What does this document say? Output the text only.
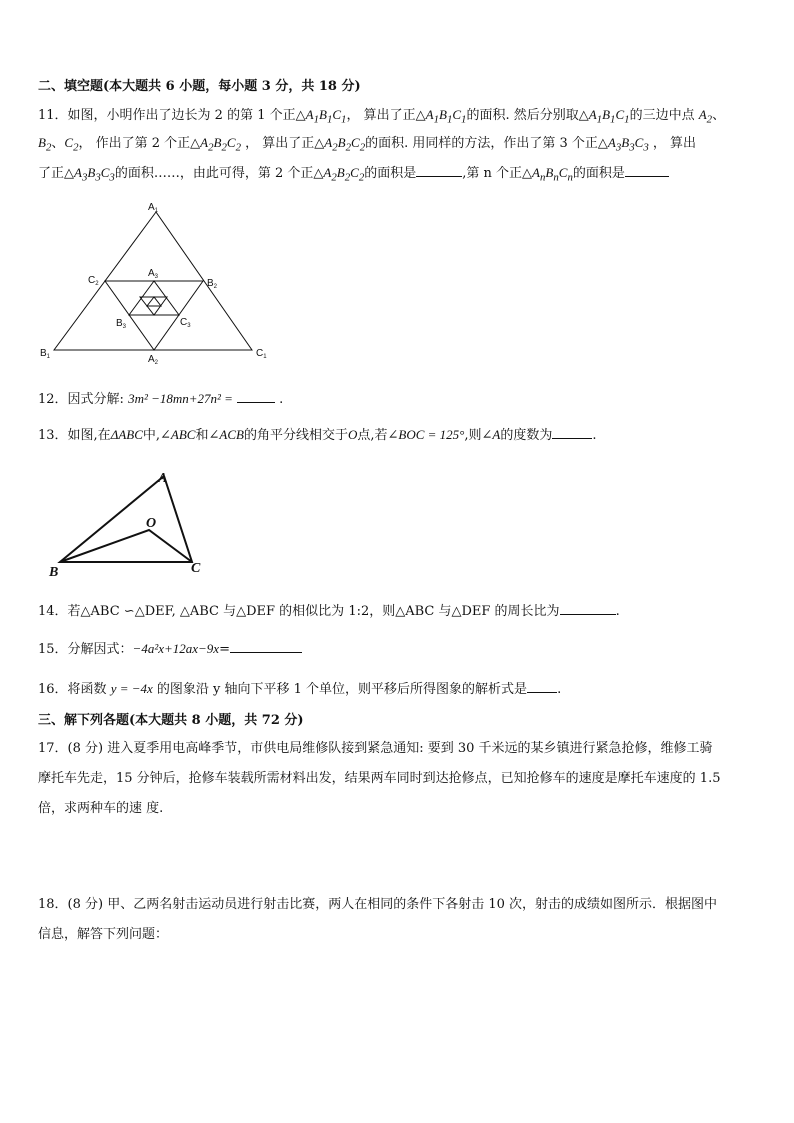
二、填空题(本大题共 6 小题，每小题 3 分，共 18 分)
11．如图，小明作出了边长为 2 的第 1 个正$\triangle A_1B_1C_1$， 算出了正$\triangle A_1B_1C_1$的面积. 然后分别取$\triangle A_1B_1C_1$的三边中点 $A_2$、
$B_2$、$C_2$， 作出了第 2 个正$\triangle A_2B_2C_2$ ， 算出了正$\triangle A_2B_2C_2$的面积. 用同样的方法，作出了第 3 个正$\triangle A_3B_3C_3$ ， 算出
了正$\triangle A_3B_3C_3$的面积……，由此可得，第 2 个正$\triangle A_2B_2C_2$的面积是	,第 n 个正$\triangle A_nB_nC_n$的面积是
$A_1$
$A_2$
$A_3$
$B_1$
$B_2$
$B_3$
$C_1$
$C_2$
$C_3$
12．因式分解: 3m² −18mn+27n² =	.
13．如图,在ΔABC中,∠ABC和∠ACB的角平分线相交于O点,若∠BOC = 125°,则∠A的度数为	.
A
B	C
O
14．若△ABC ∽△DEF, △ABC 与△DEF 的相似比为 1:2，则△ABC 与△DEF 的周长比为	.
15．分解因式：−4a²x+12ax−9x=
16．将函数 y = −4x 的图象沿 y 轴向下平移 1 个单位，则平移后所得图象的解析式是 .
三、解下列各题(本大题共 8 小题，共 72 分)
17．(8 分) 进入夏季用电高峰季节，市供电局维修队接到紧急通知: 要到 30 千米远的某乡镇进行紧急抢修，维修工骑
摩托车先走，15 分钟后，抢修车装载所需材料出发，结果两车同时到达抢修点，已知抢修车的速度是摩托车速度的 1.5
倍，求两种车的速 度.
18．(8 分) 甲、乙两名射击运动员进行射击比赛，两人在相同的条件下各射击 10 次，射击的成绩如图所示．根据图中
信息，解答下列问题：
